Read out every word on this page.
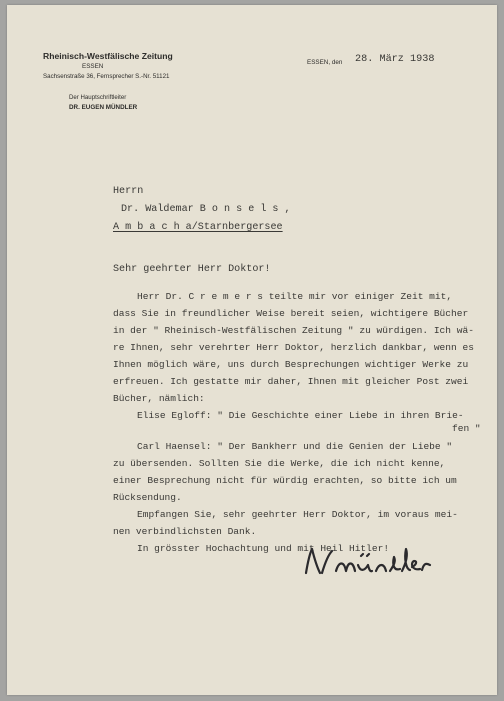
Rheinisch-Westfälische Zeitung
ESSEN
Sachsenstraße 36, Fernsprecher S.-Nr. 51121
Der Hauptschriftleiter
DR. EUGEN MÜNDLER
ESSEN, den 28. März 1938
Herrn
Dr. Waldemar B o n s e l s ,
A m b a c h a/Starnbergersee
Sehr geehrter Herr Doktor!
Herr Dr. C r e m e r s teilte mir vor einiger Zeit mit,
dass Sie in freundlicher Weise bereit seien, wichtigere Bücher
in der " Rheinisch-Westfälischen Zeitung " zu würdigen. Ich wä-
re Ihnen, sehr verehrter Herr Doktor, herzlich dankbar, wenn es
Ihnen möglich wäre, uns durch Besprechungen wichtiger Werke zu
erfreuen. Ich gestatte mir daher, Ihnen mit gleicher Post zwei
Bücher, nämlich:
Elise Egloff: " Die Geschichte einer Liebe in ihren Brie-
fen "
Carl Haensel: " Der Bankherr und die Genien der Liebe "
zu übersenden. Sollten Sie die Werke, die ich nicht kenne,
einer Besprechung nicht für würdig erachten, so bitte ich um
Rücksendung.
Empfangen Sie, sehr geehrter Herr Doktor, im voraus mei-
nen verbindlichsten Dank.
In grösster Hochachtung und mit Heil Hitler!
